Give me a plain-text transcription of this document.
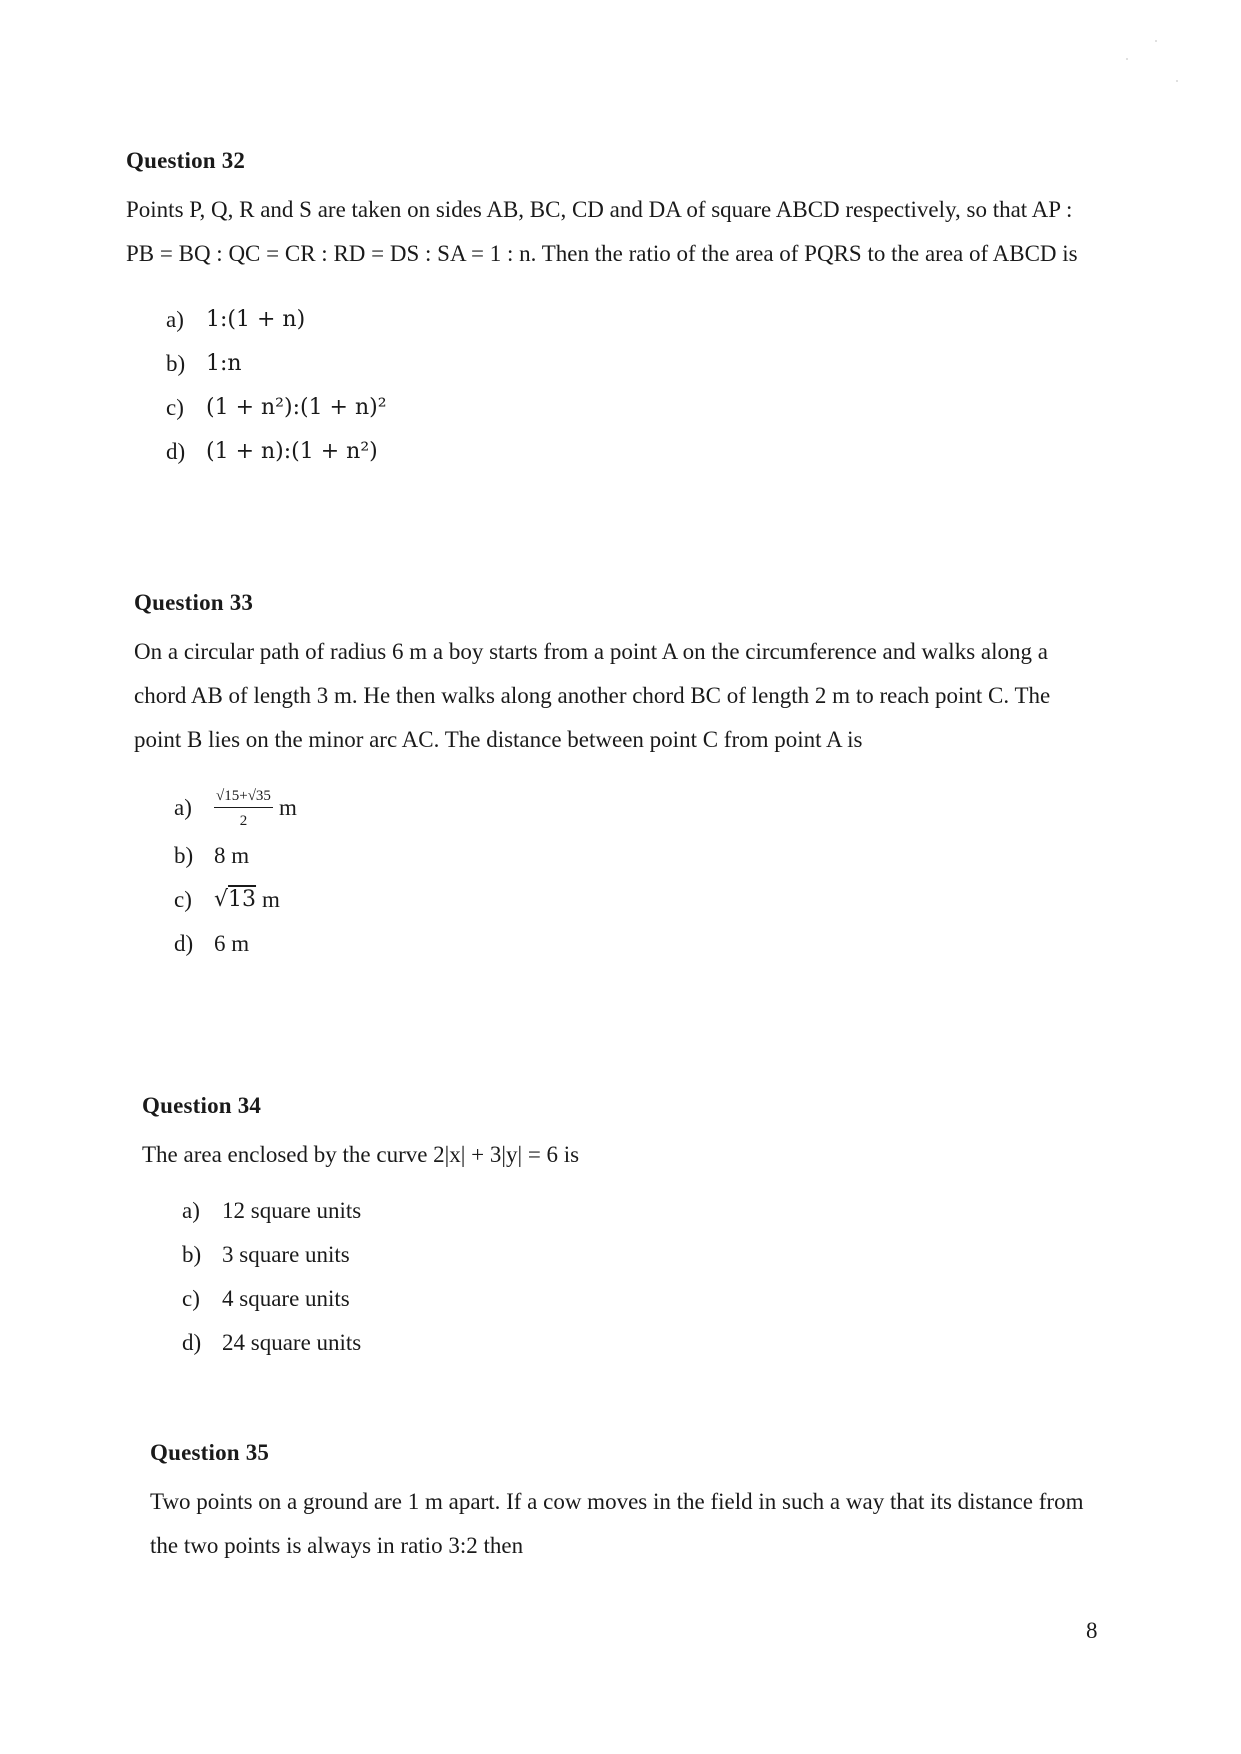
Question 32

Points P, Q, R and S are taken on sides AB, BC, CD and DA of square ABCD respectively, so that AP : PB = BQ : QC = CR : RD = DS : SA = 1 : n. Then the ratio of the area of PQRS to the area of ABCD is

a)	1:(1 + n)
b) 1:n
c)	(1 + n²):(1 + n)²
d) (1 + n):(1 + n²)
Question 33

On a circular path of radius 6 m a boy starts from a point A on the circumference and walks along a chord AB of length 3 m. He then walks along another chord BC of length 2 m to reach point C. The point B lies on the minor arc AC. The distance between point C from point A is

a)	$\frac{√15+√35}{2}$ m
b) 8 m
c)	√13 m
d) 6 m
Question 34

The area enclosed by the curve 2|x| + 3|y| = 6 is

a) 12 square units
b) 3 square units
c) 4 square units
d) 24 square units
Question 35

Two points on a ground are 1 m apart. If a cow moves in the field in such a way that its distance from the two points is always in ratio 3:2 then

8
